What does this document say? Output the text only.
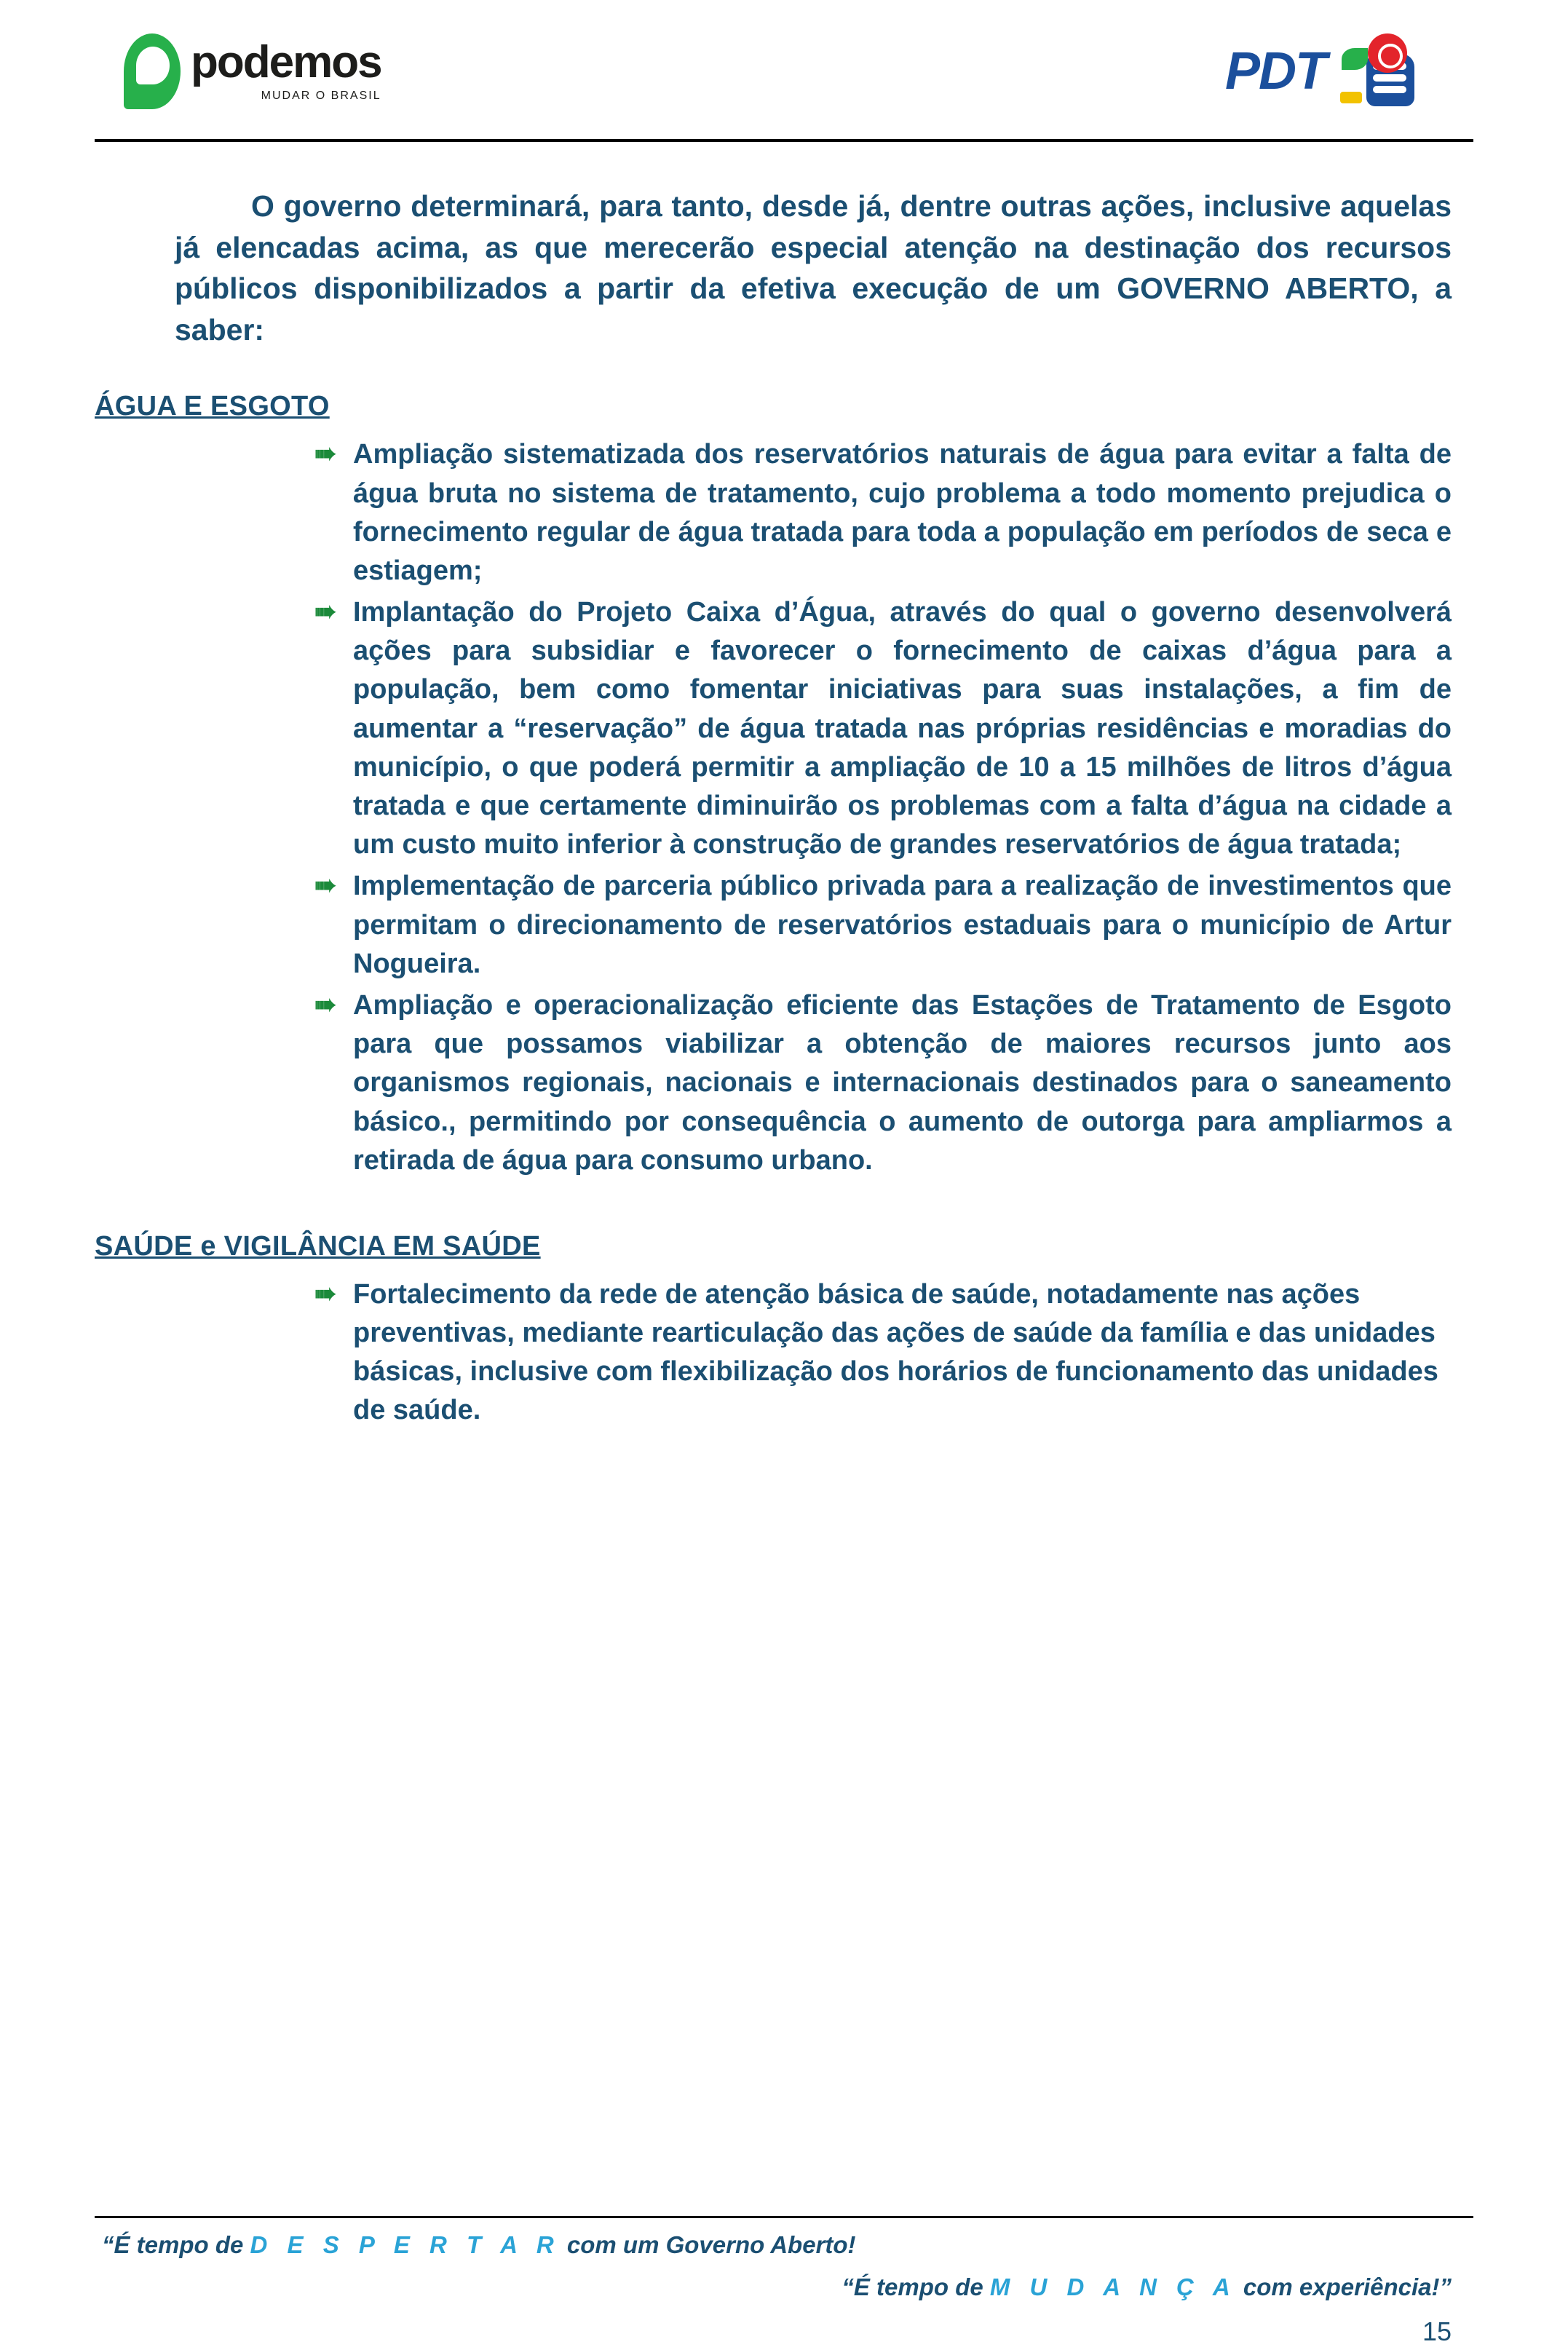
podemos
MUDAR O BRASIL	PDT

O governo determinará, para tanto, desde já, dentre outras ações, inclusive aquelas já elencadas acima, as que merecerão especial atenção na destinação dos recursos públicos disponibilizados a partir da efetiva execução de um GOVERNO ABERTO, a saber:

ÁGUA E ESGOTO
➠ Ampliação sistematizada dos reservatórios naturais de água para evitar a falta de água bruta no sistema de tratamento, cujo problema a todo momento prejudica o fornecimento regular de água tratada para toda a população em períodos de seca e estiagem;
➠ Implantação do Projeto Caixa d’Água, através do qual o governo desenvolverá ações para subsidiar e favorecer o fornecimento de caixas d’água para a população, bem como fomentar iniciativas para suas instalações, a fim de aumentar a “reservação” de água tratada nas próprias residências e moradias do município, o que poderá permitir a ampliação de 10 a 15 milhões de litros d’água tratada e que certamente diminuirão os problemas com a falta d’água na cidade a um custo muito inferior à construção de grandes reservatórios de água tratada;
➠ Implementação de parceria público privada para a realização de investimentos que permitam o direcionamento de reservatórios estaduais para o município de Artur Nogueira.
➠ Ampliação e operacionalização eficiente das Estações de Tratamento de Esgoto para que possamos viabilizar a obtenção de maiores recursos junto aos organismos regionais, nacionais e internacionais destinados para o saneamento básico., permitindo por consequência o aumento de outorga para ampliarmos a retirada de água para consumo urbano.
SAÚDE e VIGILÂNCIA EM SAÚDE
➠ Fortalecimento da rede de atenção básica de saúde, notadamente nas ações preventivas, mediante rearticulação das ações de saúde da família e das unidades básicas, inclusive com flexibilização dos horários de funcionamento das unidades de saúde.
“É tempo de D E S P E R T A R com um Governo Aberto!
“É tempo de M U D A N Ç A com experiência!”
15
